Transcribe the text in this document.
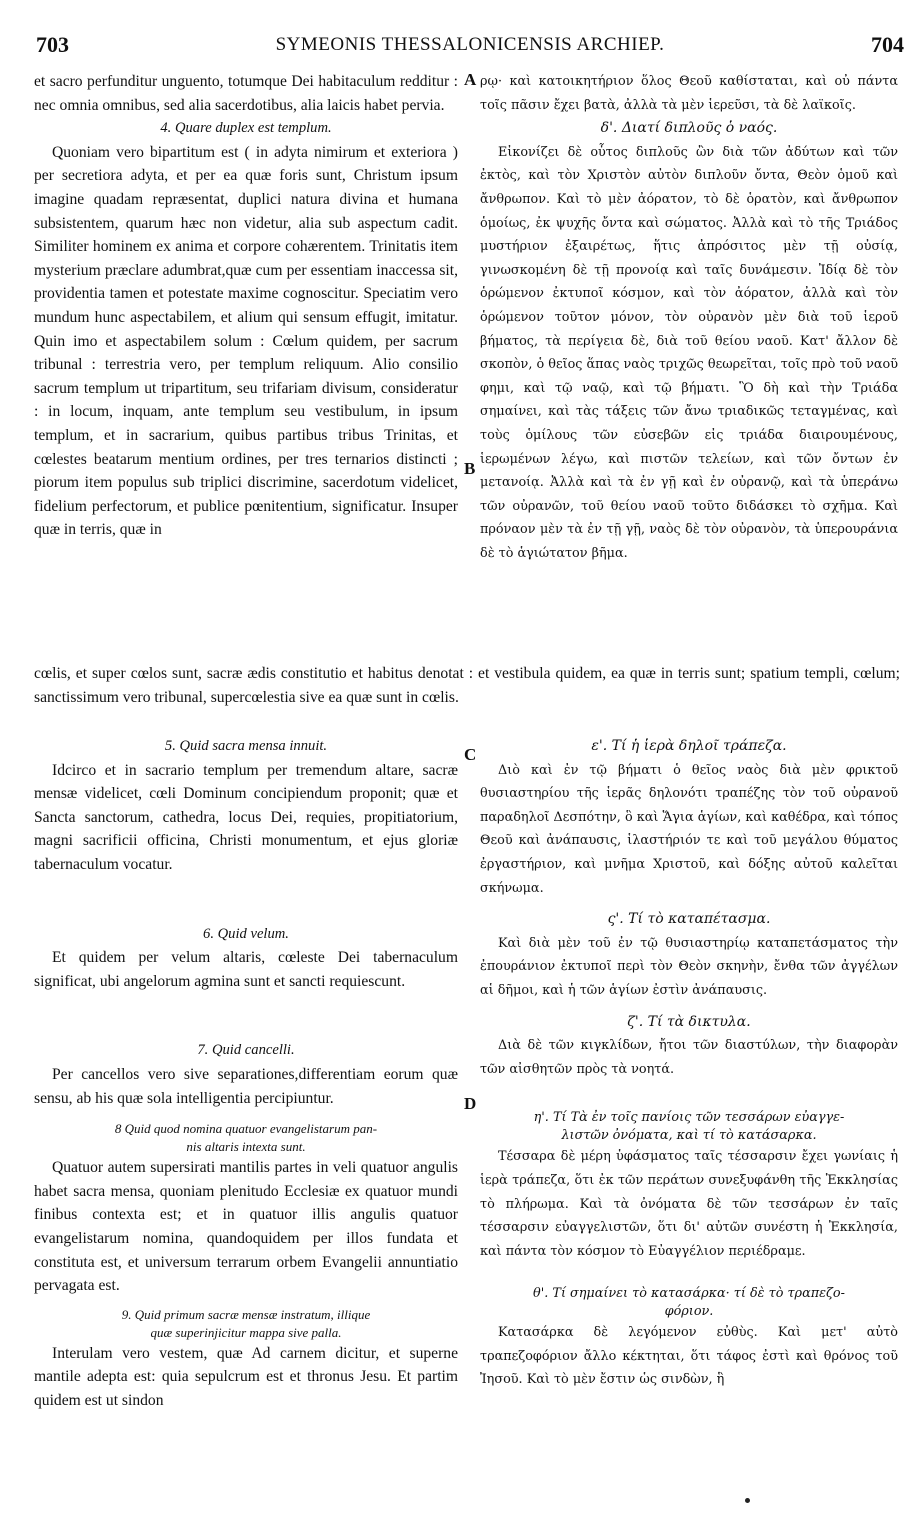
703	SYMEONIS THESSALONICENSIS ARCHIEP.	704
A
B
C
D

et sacro perfunditur unguento, totumque Dei habitaculum redditur : nec omnia omnibus, sed alia sacerdotibus, alia laicis habet pervia.

4. Quare duplex est templum.

Quoniam vero bipartitum est ( in adyta nimirum et exteriora ) per secretiora adyta, et per ea quæ foris sunt, Christum ipsum imagine quadam repræsentat, duplici natura divina et humana subsistentem, quarum hæc non videtur, alia sub aspectum cadit. Similiter hominem ex anima et corpore cohærentem. Trinitatis item mysterium præclare adumbrat,quæ cum per essentiam inaccessa sit, providentia tamen et potestate maxime cognoscitur. Speciatim vero mundum hunc aspectabilem, et alium qui sensum effugit, imitatur. Quin imo et aspectabilem solum : Cœlum quidem, per sacrum tribunal : terrestria vero, per templum reliquum. Alio consilio sacrum templum ut tripartitum, seu trifariam divisum, consideratur : in locum, inquam, ante templum seu vestibulum, in ipsum templum, et in sacrarium, quibus partibus tribus Trinitas, et cœlestes beatarum mentium ordines, per tres ternarios distincti ; piorum item populus sub triplici discrimine, sacerdotum videlicet, fidelium perfectorum, et publice pœnitentium, significatur. Insuper quæ in terris, quæ in

ρῳ· καὶ κατοικητήριον ὅλος Θεοῦ καθίσταται, καὶ οὐ πάντα τοῖς πᾶσιν ἔχει βατὰ, ἀλλὰ τὰ μὲν ἱερεῦσι, τὰ δὲ λαϊκοῖς.

δ'. Διατί διπλοῦς ὁ ναός.

Εἰκονίζει δὲ οὗτος διπλοῦς ὢν διὰ τῶν ἀδύτων καὶ τῶν ἐκτὸς, καὶ τὸν Χριστὸν αὐτὸν διπλοῦν ὄντα, Θεὸν ὁμοῦ καὶ ἄνθρωπον. Καὶ τὸ μὲν ἀόρατον, τὸ δὲ ὁρατὸν, καὶ ἄνθρωπον ὁμοίως, ἐκ ψυχῆς ὄντα καὶ σώματος. Ἀλλὰ καὶ τὸ τῆς Τριάδος μυστήριον ἐξαιρέτως, ἥτις ἀπρόσιτος μὲν τῇ οὐσίᾳ, γινωσκομένη δὲ τῇ προνοίᾳ καὶ ταῖς δυνάμεσιν. Ἰδίᾳ δὲ τὸν ὁρώμενον ἐκτυποῖ κόσμον, καὶ τὸν ἀόρατον, ἀλλὰ καὶ τὸν ὁρώμενον τοῦτον μόνον, τὸν οὐρανὸν μὲν διὰ τοῦ ἱεροῦ βήματος, τὰ περίγεια δὲ, διὰ τοῦ θείου ναοῦ. Κατ' ἄλλον δὲ σκοπὸν, ὁ θεῖος ἅπας ναὸς τριχῶς θεωρεῖται, τοῖς πρὸ τοῦ ναοῦ φημι, καὶ τῷ ναῷ, καὶ τῷ βήματι. Ὃ δὴ καὶ τὴν Τριάδα σημαίνει, καὶ τὰς τάξεις τῶν ἄνω τριαδικῶς τεταγμένας, καὶ τοὺς ὁμίλους τῶν εὐσεβῶν εἰς τριάδα διαιρουμένους, ἱερωμένων λέγω, καὶ πιστῶν τελείων, καὶ τῶν ὄντων ἐν μετανοίᾳ. Ἀλλὰ καὶ τὰ ἐν γῇ καὶ ἐν οὐρανῷ, καὶ τὰ ὑπεράνω τῶν οὐρανῶν, τοῦ θείου ναοῦ τοῦτο διδάσκει τὸ σχῆμα. Καὶ πρόναον μὲν τὰ ἐν τῇ γῇ, ναὸς δὲ τὸν οὐρανὸν, τὰ ὑπερουράνια δὲ τὸ ἁγιώτατον βῆμα.

cœlis, et super cœlos sunt, sacræ ædis constitutio et habitus denotat : et vestibula quidem, ea quæ in terris sunt; spatium templi, cœlum; sanctissimum vero tribunal, supercœlestia sive ea quæ sunt in cœlis.

5. Quid sacra mensa innuit.

Idcirco et in sacrario templum per tremendum altare, sacræ mensæ videlicet, cœli Dominum concipiendum proponit; quæ et Sancta sanctorum, cathedra, locus Dei, requies, propitiatorium, magni sacrificii officina, Christi monumentum, et ejus gloriæ tabernaculum vocatur.

6. Quid velum.

Et quidem per velum altaris, cœleste Dei tabernaculum significat, ubi angelorum agmina sunt et sancti requiescunt.

7. Quid cancelli.

Per cancellos vero sive separationes,differentiam eorum quæ sensu, ab his quæ sola intelligentia percipiuntur.

8 Quid quod nomina quatuor evangelistarum pan-

nis altaris intexta sunt.

Quatuor autem supersirati mantilis partes in veli quatuor angulis habet sacra mensa, quoniam plenitudo Ecclesiæ ex quatuor mundi finibus contexta est; et in quatuor illis angulis quatuor evangelistarum nomina, quandoquidem per illos fundata et constituta est, et universum terrarum orbem Evangelii annuntiatio pervagata est.

9. Quid primum sacræ mensæ instratum, illique

quæ superinjicitur mappa sive palla.

Interulam vero vestem, quæ Ad carnem dicitur, et superne mantile adepta est: quia sepulcrum est et thronus Jesu. Et partim quidem est ut sindon

ε'. Τί ἡ ἱερὰ δηλοῖ τράπεζα.

Διὸ καὶ ἐν τῷ βήματι ὁ θεῖος ναὸς διὰ μὲν φρικτοῦ θυσιαστηρίου τῆς ἱερᾶς δηλονότι τραπέζης τὸν τοῦ οὐρανοῦ παραδηλοῖ Δεσπότην, ὃ καὶ Ἅγια ἁγίων, καὶ καθέδρα, καὶ τόπος Θεοῦ καὶ ἀνάπαυσις, ἱλαστήριόν τε καὶ τοῦ μεγάλου θύματος ἐργαστήριον, καὶ μνῆμα Χριστοῦ, καὶ δόξης αὐτοῦ καλεῖται σκήνωμα.

ς'. Τί τὸ καταπέτασμα.

Καὶ διὰ μὲν τοῦ ἐν τῷ θυσιαστηρίῳ καταπετάσματος τὴν ἐπουράνιον ἐκτυποῖ περὶ τὸν Θεὸν σκηνὴν, ἔνθα τῶν ἀγγέλων αἱ δῆμοι, καὶ ἡ τῶν ἁγίων ἐστὶν ἀνάπαυσις.

ζ'. Τί τὰ δικτυλα.

Διὰ δὲ τῶν κιγκλίδων, ἤτοι τῶν διαστύλων, τὴν διαφορὰν τῶν αἰσθητῶν πρὸς τὰ νοητά.

η'. Τί Τὰ ἐν τοῖς πανίοις τῶν τεσσάρων εὐαγγε-

λιστῶν ὀνόματα, καὶ τί τὸ κατάσαρκα.

Τέσσαρα δὲ μέρη ὑφάσματος ταῖς τέσσαρσιν ἔχει γωνίαις ἡ ἱερὰ τράπεζα, ὅτι ἐκ τῶν περάτων συνεξυφάνθη τῆς Ἐκκλησίας τὸ πλήρωμα. Καὶ τὰ ὀνόματα δὲ τῶν τεσσάρων ἐν ταῖς τέσσαρσιν εὐαγγελιστῶν, ὅτι δι' αὐτῶν συνέστη ἡ Ἐκκλησία, καὶ πάντα τὸν κόσμον τὸ Εὐαγγέλιον περιέδραμε.

θ'. Τί σημαίνει τὸ κατασάρκα· τί δὲ τὸ τραπεζο-

φόριον.

Κατασάρκα δὲ λεγόμενον εὐθὺς. Καὶ μετ' αὐτὸ τραπεζοφόριον ἄλλο κέκτηται, ὅτι τάφος ἐστὶ καὶ θρόνος τοῦ Ἰησοῦ. Καὶ τὸ μὲν ἔστιν ὡς σινδὼν, ἣ
